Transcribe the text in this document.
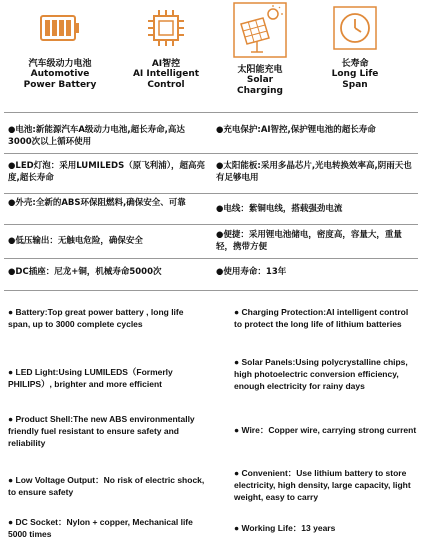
汽车级动力电池
Automotive
Power Battery
AI智控
AI Intelligent
Control
太阳能充电
Solar
Charging
长寿命
Long Life
Span
●电池:新能源汽车A级动力电池,超长寿命,高达3000次以上循环使用
●充电保护:AI智控,保护锂电池的超长寿命
●LED灯泡：采用LUMILEDS（原飞利浦），超高亮度,超长寿命
●太阳能板:采用多晶芯片,光电转换效率高,阴雨天也有足够电用
●外壳:全新的ABS环保阻燃料,确保安全、可靠
●电线：紫铜电线，搭载强劲电流
●低压输出：无触电危险，确保安全
●便捷：采用锂电池储电，密度高，容量大，重量轻，携带方便
●DC插座：尼龙+铜，机械寿命5000次	●使用寿命：13年
● Battery:Top great power battery , long life span, up to 3000 complete cycles
● Charging Protection:AI intelligent control to protect the long life of lithium batteries
● LED Light:Using LUMILEDS（Formerly PHILIPS）, brighter and more efficient
● Solar Panels:Using polycrystalline chips, high photoelectric conversion efficiency, enough electricity for rainy days
● Product Shell:The new ABS environmentally friendly fuel resistant to ensure safety and reliability
● Wire：Copper wire, carrying strong current
● Low Voltage Output：No risk of electric shock, to ensure safety
● Convenient：Use lithium battery to store electricity, high density, large capacity, light weight, easy to carry
● DC Socket：Nylon + copper, Mechanical life 5000 times
● Working Life：13 years
